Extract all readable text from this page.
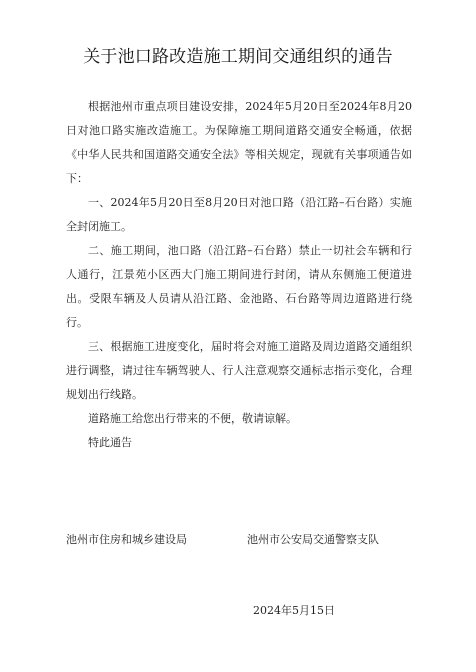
关于池口路改造施工期间交通组织的通告

根据池州市重点项目建设安排，2024年5月20日至2024年8月20日对池口路实施改造施工。为保障施工期间道路交通安全畅通，依据《中华人民共和国道路交通安全法》等相关规定，现就有关事项通告如下：

一、2024年5月20日至8月20日对池口路（沿江路–石台路）实施全封闭施工。

二、施工期间，池口路（沿江路–石台路）禁止一切社会车辆和行人通行，江景苑小区西大门施工期间进行封闭，请从东侧施工便道进出。受限车辆及人员请从沿江路、金池路、石台路等周边道路进行绕行。

三、根据施工进度变化，届时将会对施工道路及周边道路交通组织进行调整，请过往车辆驾驶人、行人注意观察交通标志指示变化，合理规划出行线路。

道路施工给您出行带来的不便，敬请谅解。

特此通告

池州市住房和城乡建设局	池州市公安局交通警察支队
2024年5月15日
